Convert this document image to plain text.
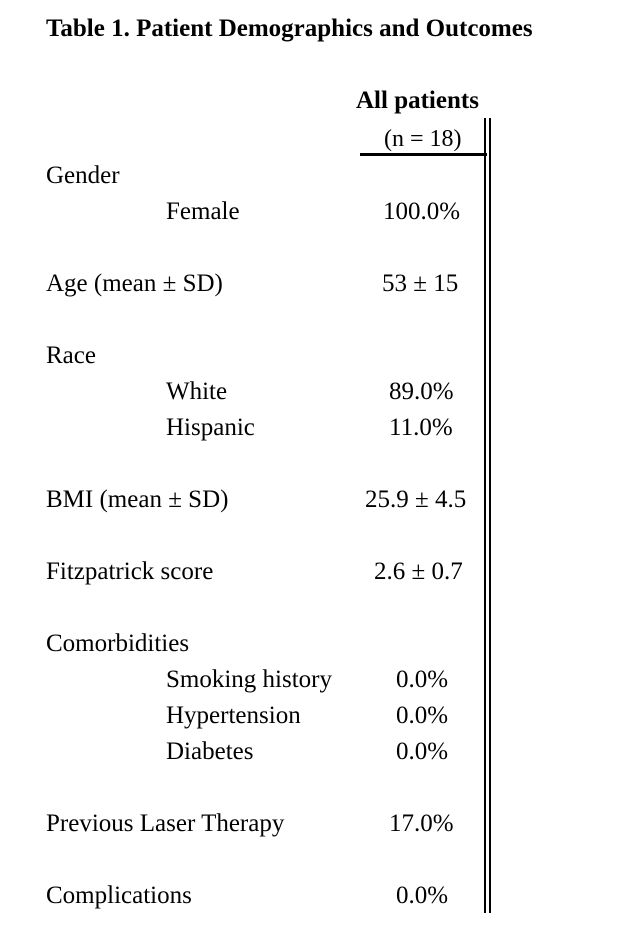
Table 1. Patient Demographics and Outcomes
All patients
(n = 18)
Gender
Female	100.0%
Age (mean ± SD)	53 ± 15
Race
White	89.0%
Hispanic	11.0%
BMI (mean ± SD)	25.9 ± 4.5
Fitzpatrick score	2.6 ± 0.7
Comorbidities
Smoking history	0.0%
Hypertension	0.0%
Diabetes	0.0%
Previous Laser Therapy	17.0%
Complications	0.0%
